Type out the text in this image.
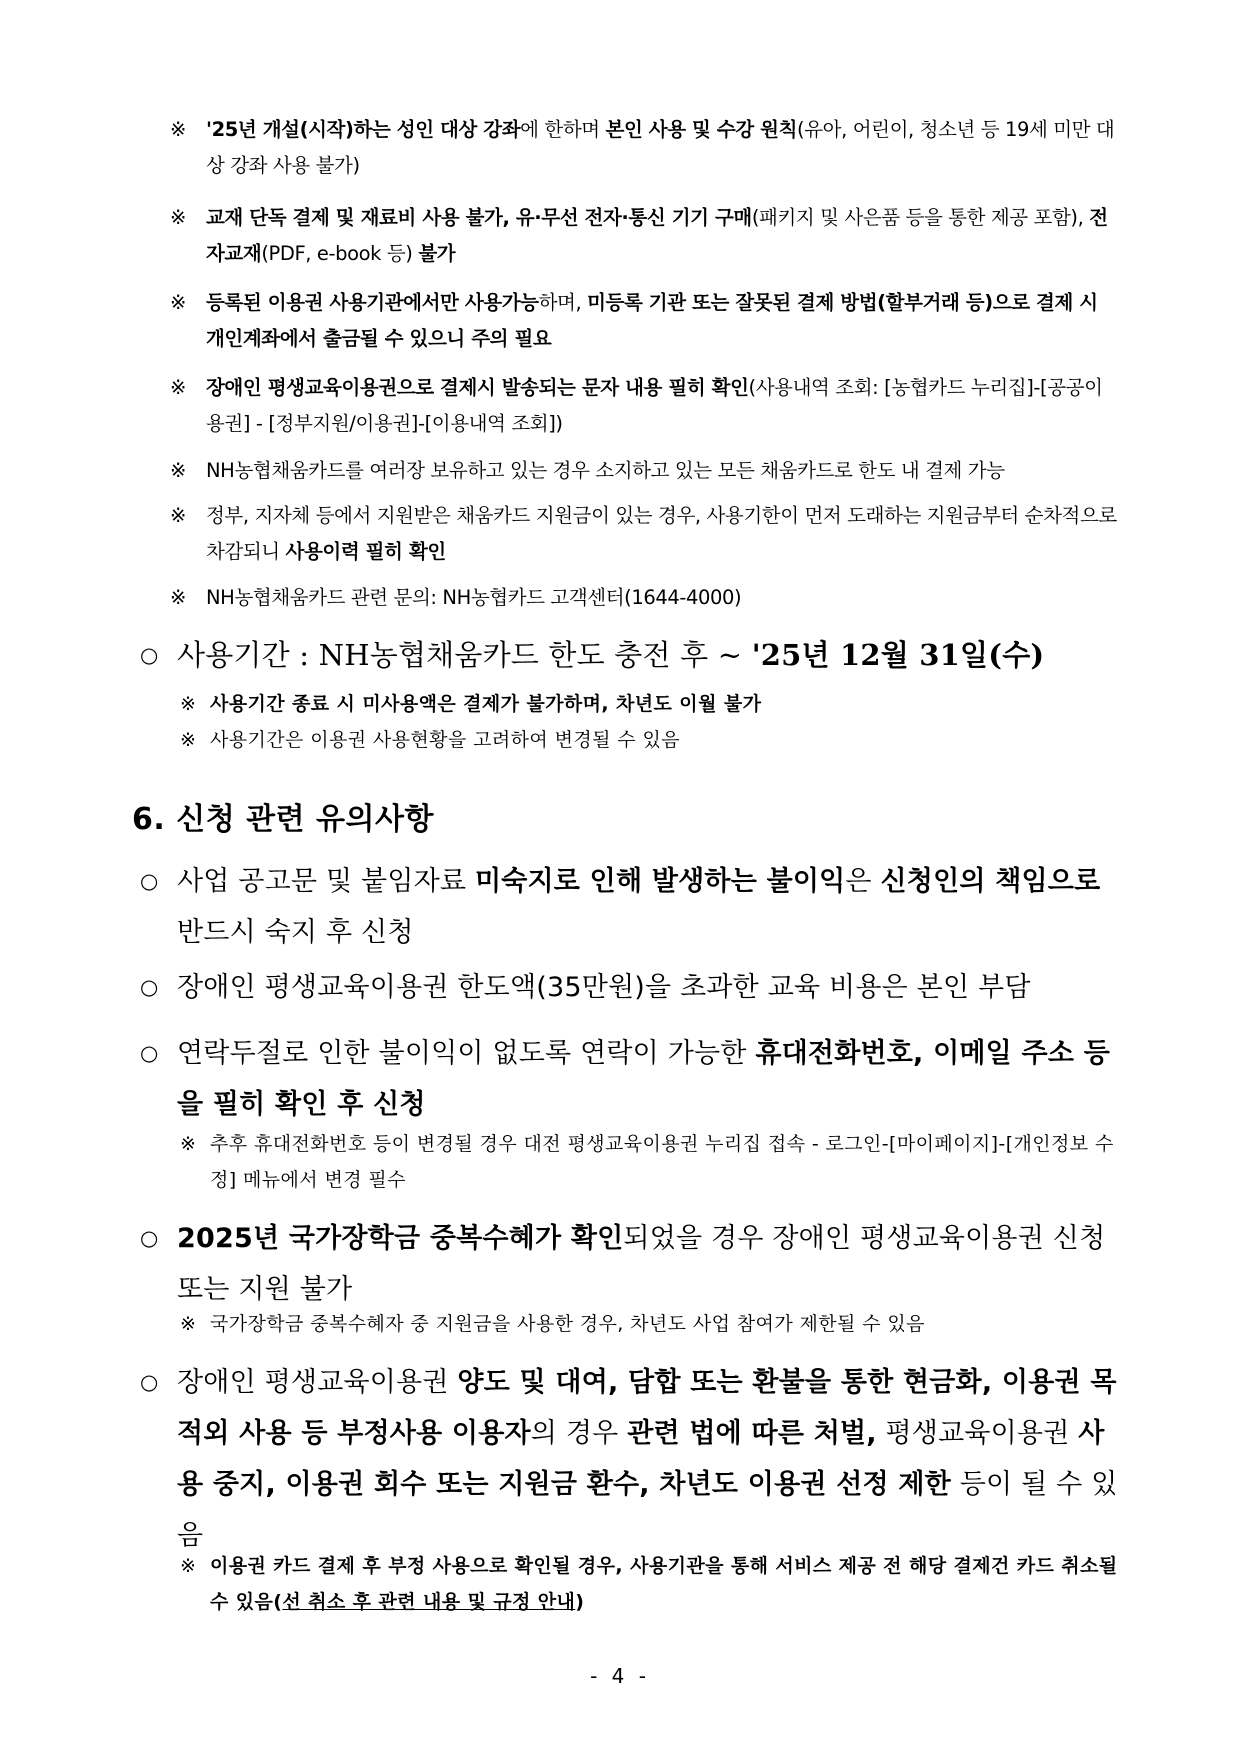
※	'25년 개설(시작)하는 성인 대상 강좌에 한하며 본인 사용 및 수강 원칙(유아, 어린이, 청소년 등 19세 미만 대상 강좌 사용 불가)
※	교재 단독 결제 및 재료비 사용 불가, 유·무선 전자·통신 기기 구매(패키지 및 사은품 등을 통한 제공 포함), 전자교재(PDF, e-book 등) 불가
※	등록된 이용권 사용기관에서만 사용가능하며, 미등록 기관 또는 잘못된 결제 방법(할부거래 등)으로 결제 시 개인계좌에서 출금될 수 있으니 주의 필요
※	장애인 평생교육이용권으로 결제시 발송되는 문자 내용 필히 확인(사용내역 조회: [농협카드 누리집]-[공공이용권] - [정부지원/이용권]-[이용내역 조회])
※	NH농협채움카드를 여러장 보유하고 있는 경우 소지하고 있는 모든 채움카드로 한도 내 결제 가능
※	정부, 지자체 등에서 지원받은 채움카드 지원금이 있는 경우, 사용기한이 먼저 도래하는 지원금부터 순차적으로 차감되니 사용이력 필히 확인
※	NH농협채움카드 관련 문의: NH농협카드 고객센터(1644-4000)
○ 사용기간 : NH농협채움카드 한도 충전 후 ~ '25년 12월 31일(수)
※ 사용기간 종료 시 미사용액은 결제가 불가하며, 차년도 이월 불가
※ 사용기간은 이용권 사용현황을 고려하여 변경될 수 있음
6. 신청 관련 유의사항
○ 사업 공고문 및 붙임자료 미숙지로 인해 발생하는 불이익은 신청인의 책임으로 반드시 숙지 후 신청
○ 장애인 평생교육이용권 한도액(35만원)을 초과한 교육 비용은 본인 부담
○ 연락두절로 인한 불이익이 없도록 연락이 가능한 휴대전화번호, 이메일 주소 등을 필히 확인 후 신청
※ 추후 휴대전화번호 등이 변경될 경우 대전 평생교육이용권 누리집 접속 - 로그인-[마이페이지]-[개인정보 수정] 메뉴에서 변경 필수
○ 2025년 국가장학금 중복수혜가 확인되었을 경우 장애인 평생교육이용권 신청 또는 지원 불가
※ 국가장학금 중복수혜자 중 지원금을 사용한 경우, 차년도 사업 참여가 제한될 수 있음
○ 장애인 평생교육이용권 양도 및 대여, 담합 또는 환불을 통한 현금화, 이용권 목적외 사용 등 부정사용 이용자의 경우 관련 법에 따른 처벌, 평생교육이용권 사용 중지, 이용권 회수 또는 지원금 환수, 차년도 이용권 선정 제한 등이 될 수 있음
※ 이용권 카드 결제 후 부정 사용으로 확인될 경우, 사용기관을 통해 서비스 제공 전 해당 결제건 카드 취소될 수 있음(선 취소 후 관련 내용 및 규정 안내)
- 4 -
